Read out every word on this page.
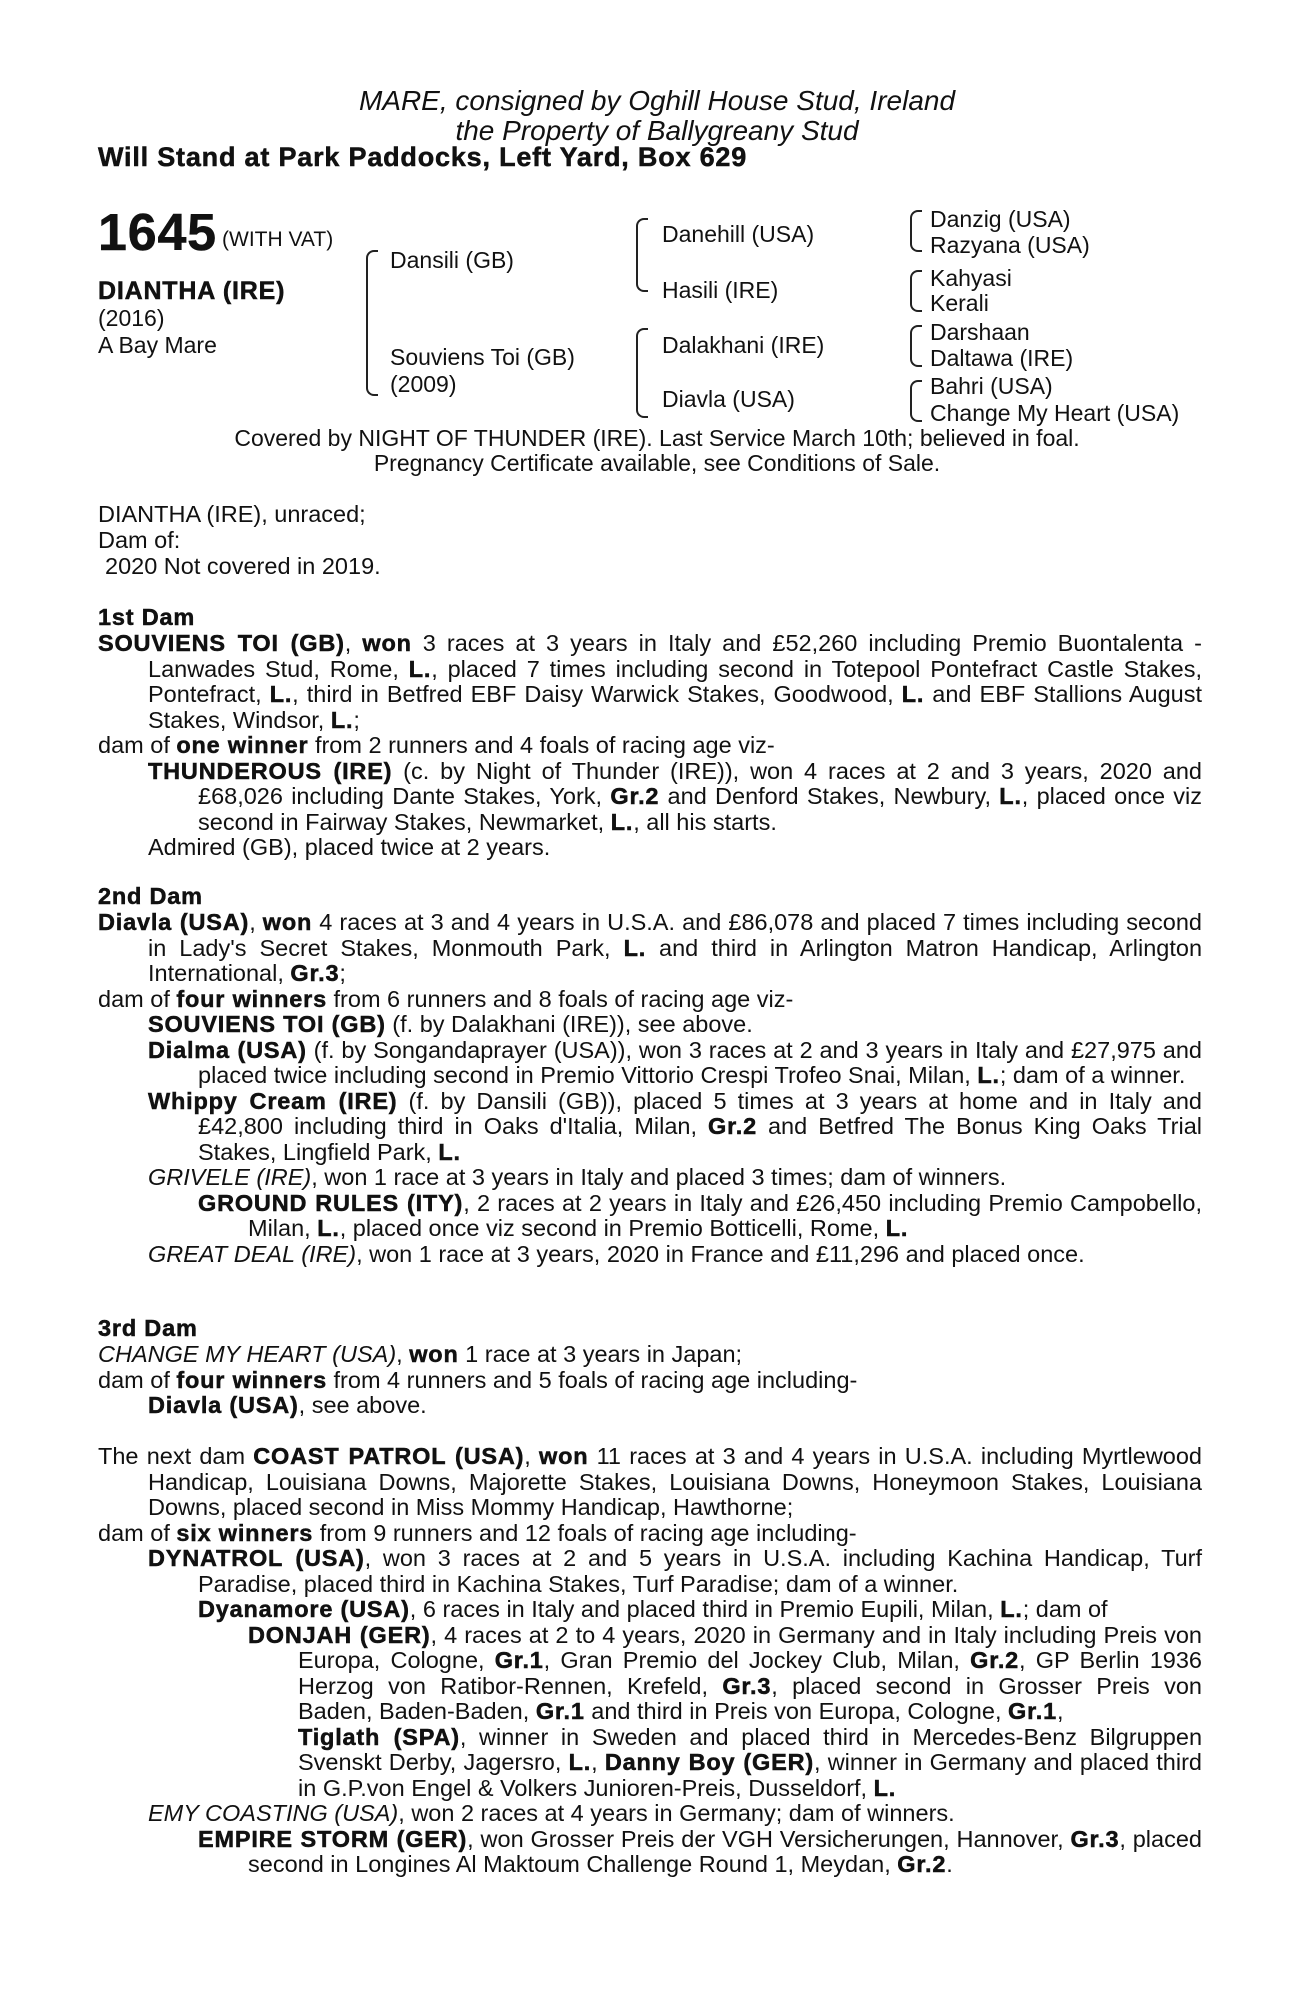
MARE, consigned by Oghill House Stud, Ireland
the Property of Ballygreany Stud
Will Stand at Park Paddocks, Left Yard, Box 629
1645 (WITH VAT)
DIANTHA (IRE)
(2016)
A Bay Mare
Dansili (GB)
Souviens Toi (GB)
(2009)
Danehill (USA)
Hasili (IRE)
Dalakhani (IRE)
Diavla (USA)
Danzig (USA)
Razyana (USA)
Kahyasi
Kerali
Darshaan
Daltawa (IRE)
Bahri (USA)
Change My Heart (USA)
Covered by NIGHT OF THUNDER (IRE). Last Service March 10th; believed in foal.
Pregnancy Certificate available, see Conditions of Sale.
DIANTHA (IRE), unraced;
Dam of:
2020 Not covered in 2019.
1st Dam
SOUVIENS TOI (GB), won 3 races at 3 years in Italy and £52,260 including Premio Buontalenta - Lanwades Stud, Rome, L., placed 7 times including second in Totepool Pontefract Castle Stakes, Pontefract, L., third in Betfred EBF Daisy Warwick Stakes, Goodwood, L. and EBF Stallions August Stakes, Windsor, L.;
dam of one winner from 2 runners and 4 foals of racing age viz-
THUNDEROUS (IRE) (c. by Night of Thunder (IRE)), won 4 races at 2 and 3 years, 2020 and £68,026 including Dante Stakes, York, Gr.2 and Denford Stakes, Newbury, L., placed once viz second in Fairway Stakes, Newmarket, L., all his starts.
Admired (GB), placed twice at 2 years.
2nd Dam
Diavla (USA), won 4 races at 3 and 4 years in U.S.A. and £86,078 and placed 7 times including second in Lady's Secret Stakes, Monmouth Park, L. and third in Arlington Matron Handicap, Arlington International, Gr.3;
dam of four winners from 6 runners and 8 foals of racing age viz-
SOUVIENS TOI (GB) (f. by Dalakhani (IRE)), see above.
Dialma (USA) (f. by Songandaprayer (USA)), won 3 races at 2 and 3 years in Italy and £27,975 and placed twice including second in Premio Vittorio Crespi Trofeo Snai, Milan, L.; dam of a winner.
Whippy Cream (IRE) (f. by Dansili (GB)), placed 5 times at 3 years at home and in Italy and £42,800 including third in Oaks d'Italia, Milan, Gr.2 and Betfred The Bonus King Oaks Trial Stakes, Lingfield Park, L.
GRIVELE (IRE), won 1 race at 3 years in Italy and placed 3 times; dam of winners.
GROUND RULES (ITY), 2 races at 2 years in Italy and £26,450 including Premio Campobello, Milan, L., placed once viz second in Premio Botticelli, Rome, L.
GREAT DEAL (IRE), won 1 race at 3 years, 2020 in France and £11,296 and placed once.
3rd Dam
CHANGE MY HEART (USA), won 1 race at 3 years in Japan;
dam of four winners from 4 runners and 5 foals of racing age including-
Diavla (USA), see above.
The next dam COAST PATROL (USA), won 11 races at 3 and 4 years in U.S.A. including Myrtlewood Handicap, Louisiana Downs, Majorette Stakes, Louisiana Downs, Honeymoon Stakes, Louisiana Downs, placed second in Miss Mommy Handicap, Hawthorne;
dam of six winners from 9 runners and 12 foals of racing age including-
DYNATROL (USA), won 3 races at 2 and 5 years in U.S.A. including Kachina Handicap, Turf Paradise, placed third in Kachina Stakes, Turf Paradise; dam of a winner.
Dyanamore (USA), 6 races in Italy and placed third in Premio Eupili, Milan, L.; dam of
DONJAH (GER), 4 races at 2 to 4 years, 2020 in Germany and in Italy including Preis von Europa, Cologne, Gr.1, Gran Premio del Jockey Club, Milan, Gr.2, GP Berlin 1936 Herzog von Ratibor-Rennen, Krefeld, Gr.3, placed second in Grosser Preis von Baden, Baden-Baden, Gr.1 and third in Preis von Europa, Cologne, Gr.1,
Tiglath (SPA), winner in Sweden and placed third in Mercedes-Benz Bilgruppen Svenskt Derby, Jagersro, L., Danny Boy (GER), winner in Germany and placed third in G.P.von Engel & Volkers Junioren-Preis, Dusseldorf, L.
EMY COASTING (USA), won 2 races at 4 years in Germany; dam of winners.
EMPIRE STORM (GER), won Grosser Preis der VGH Versicherungen, Hannover, Gr.3, placed second in Longines Al Maktoum Challenge Round 1, Meydan, Gr.2.
